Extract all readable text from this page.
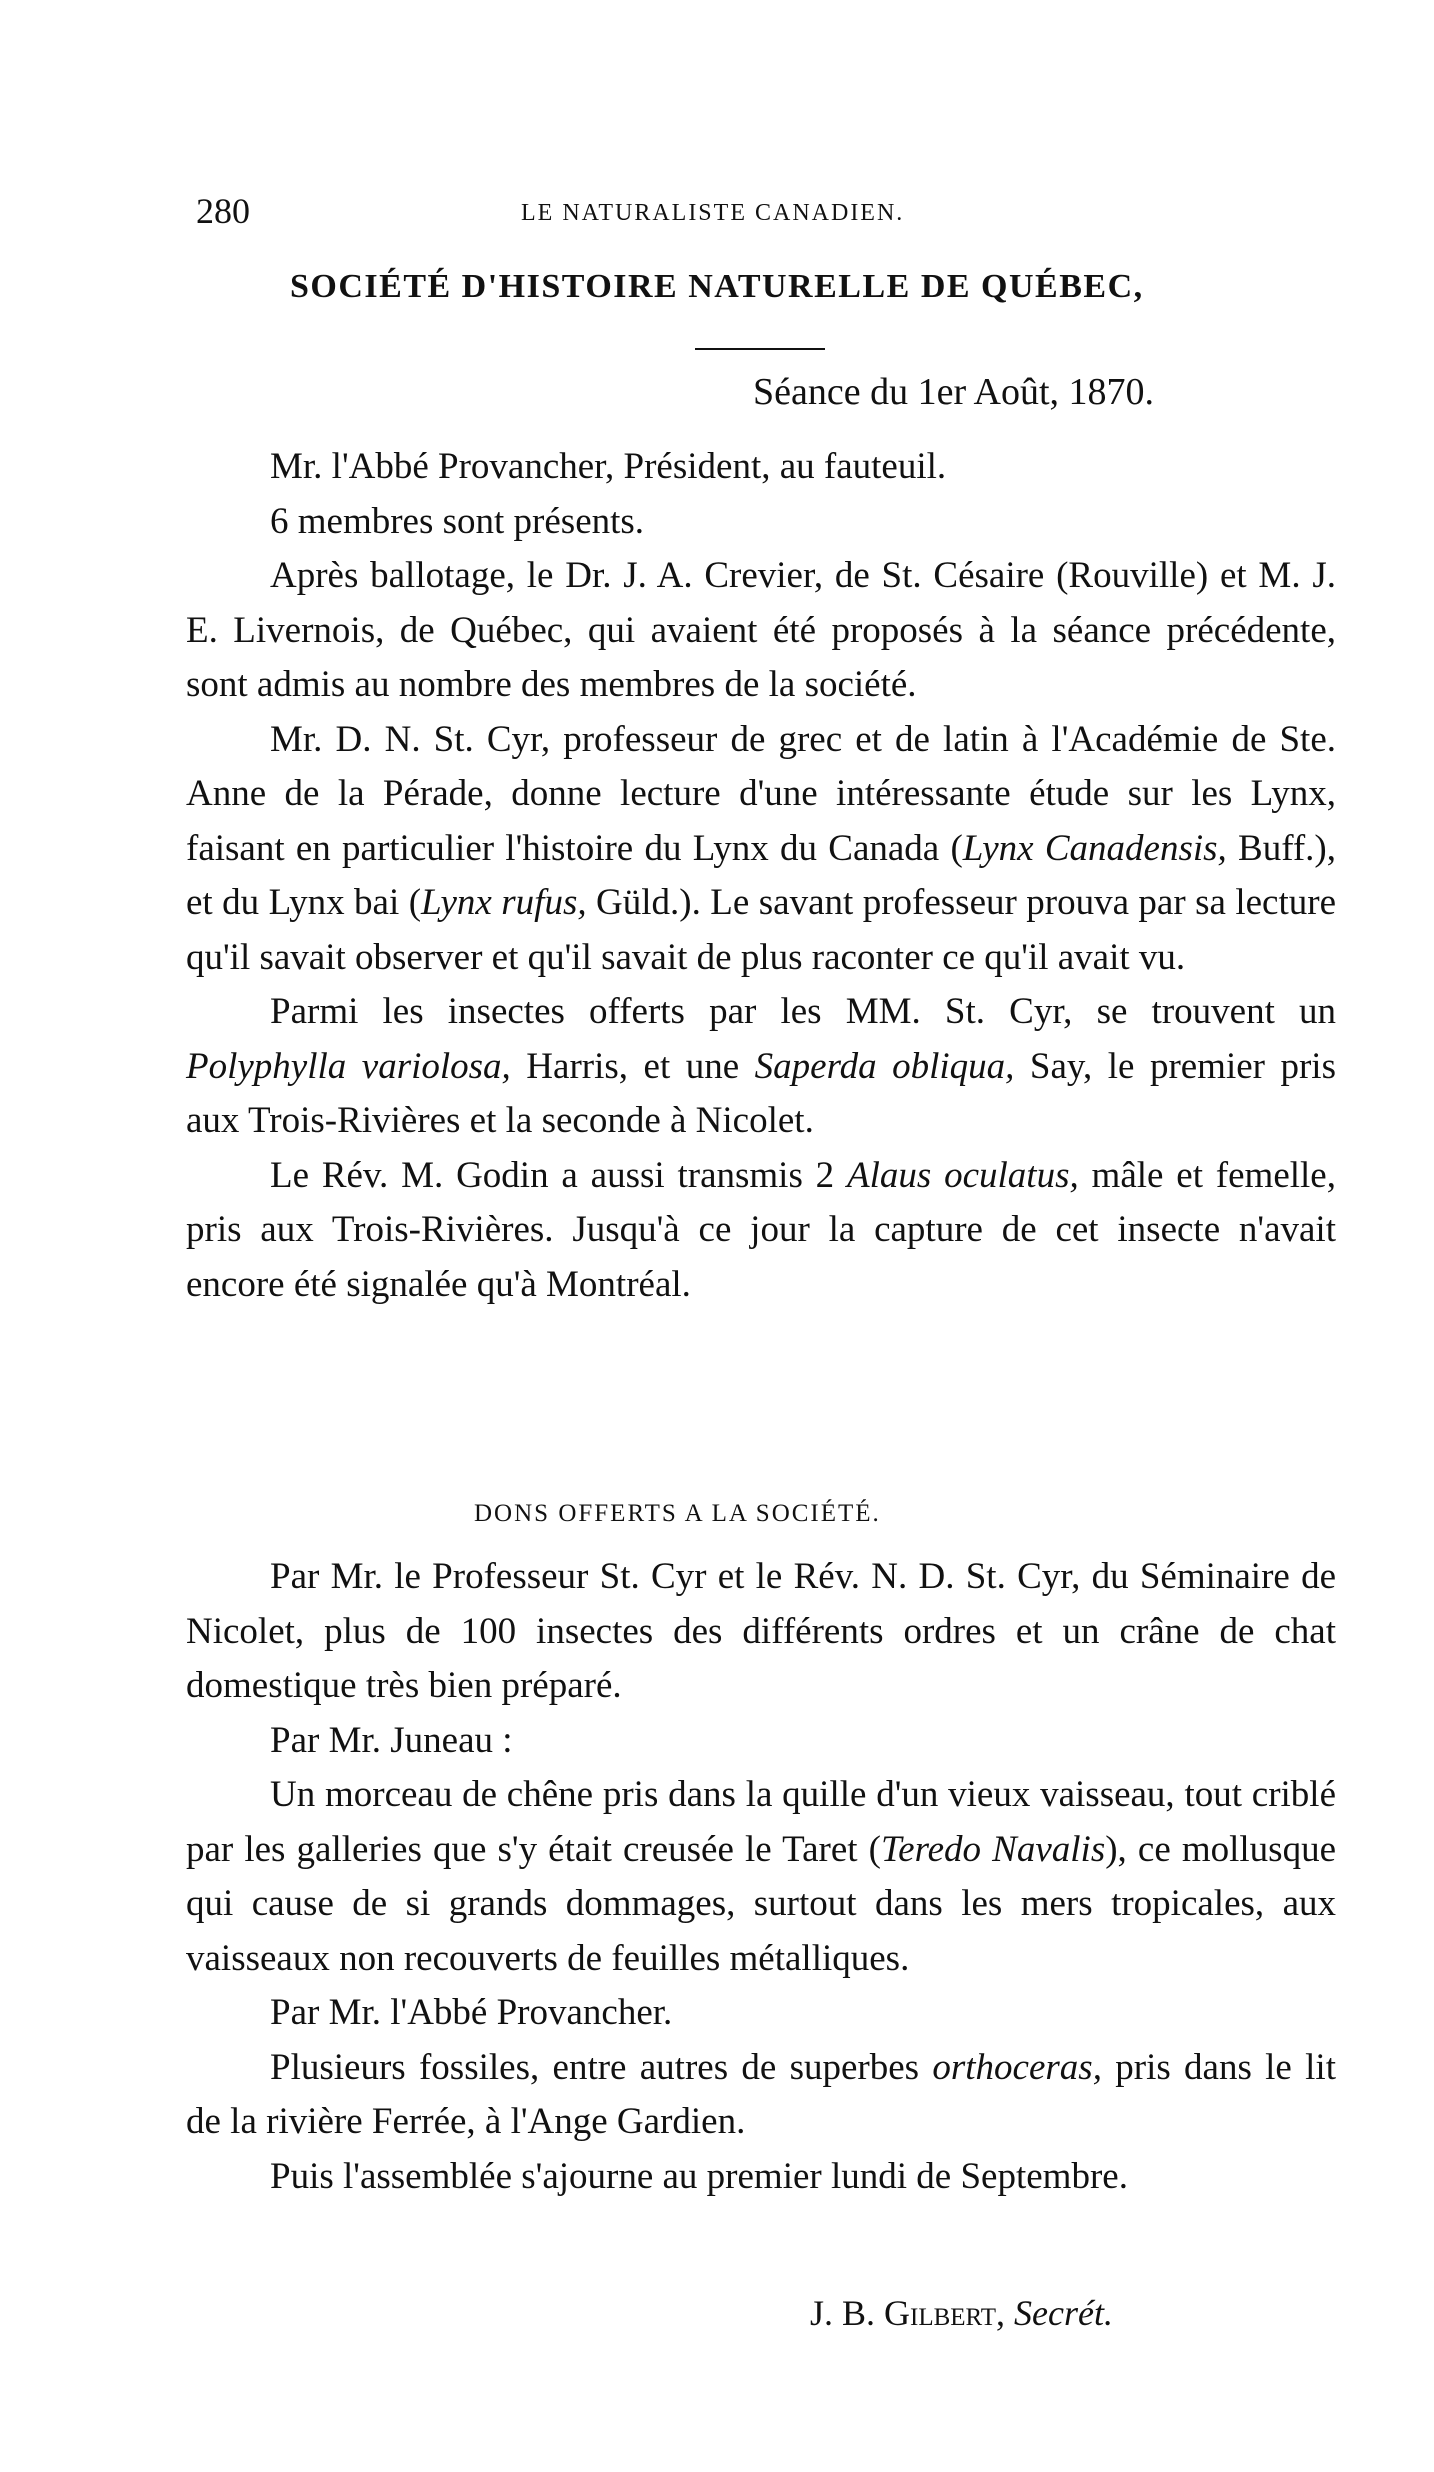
280	LE NATURALISTE CANADIEN.
SOCIÉTÉ D'HISTOIRE NATURELLE DE QUÉBEC,
Séance du 1er Août, 1870.

Mr. l'Abbé Provancher, Président, au fauteuil.

6 membres sont présents.

Après ballotage, le Dr. J. A. Crevier, de St. Césaire (Rouville) et M. J. E. Livernois, de Québec, qui avaient été proposés à la séance précédente, sont admis au nombre des membres de la société.

Mr. D. N. St. Cyr, professeur de grec et de latin à l'Académie de Ste. Anne de la Pérade, donne lecture d'une intéressante étude sur les Lynx, faisant en particulier l'histoire du Lynx du Canada (Lynx Canadensis, Buff.), et du Lynx bai (Lynx rufus, Güld.). Le savant professeur prouva par sa lecture qu'il savait observer et qu'il savait de plus raconter ce qu'il avait vu.

Parmi les insectes offerts par les MM. St. Cyr, se trouvent un Polyphylla variolosa, Harris, et une Saperda obliqua, Say, le premier pris aux Trois-Rivières et la seconde à Nicolet.

Le Rév. M. Godin a aussi transmis 2 Alaus oculatus, mâle et femelle, pris aux Trois-Rivières. Jusqu'à ce jour la capture de cet insecte n'avait encore été signalée qu'à Montréal.

DONS OFFERTS A LA SOCIÉTÉ.

Par Mr. le Professeur St. Cyr et le Rév. N. D. St. Cyr, du Séminaire de Nicolet, plus de 100 insectes des différents ordres et un crâne de chat domestique très bien préparé.

Par Mr. Juneau :

Un morceau de chêne pris dans la quille d'un vieux vaisseau, tout criblé par les galleries que s'y était creusée le Taret (Teredo Navalis), ce mollusque qui cause de si grands dommages, surtout dans les mers tropicales, aux vaisseaux non recouverts de feuilles métalliques.

Par Mr. l'Abbé Provancher.

Plusieurs fossiles, entre autres de superbes orthoceras, pris dans le lit de la rivière Ferrée, à l'Ange Gardien.

Puis l'assemblée s'ajourne au premier lundi de Septembre.

J. B. Gilbert, Secrét.
